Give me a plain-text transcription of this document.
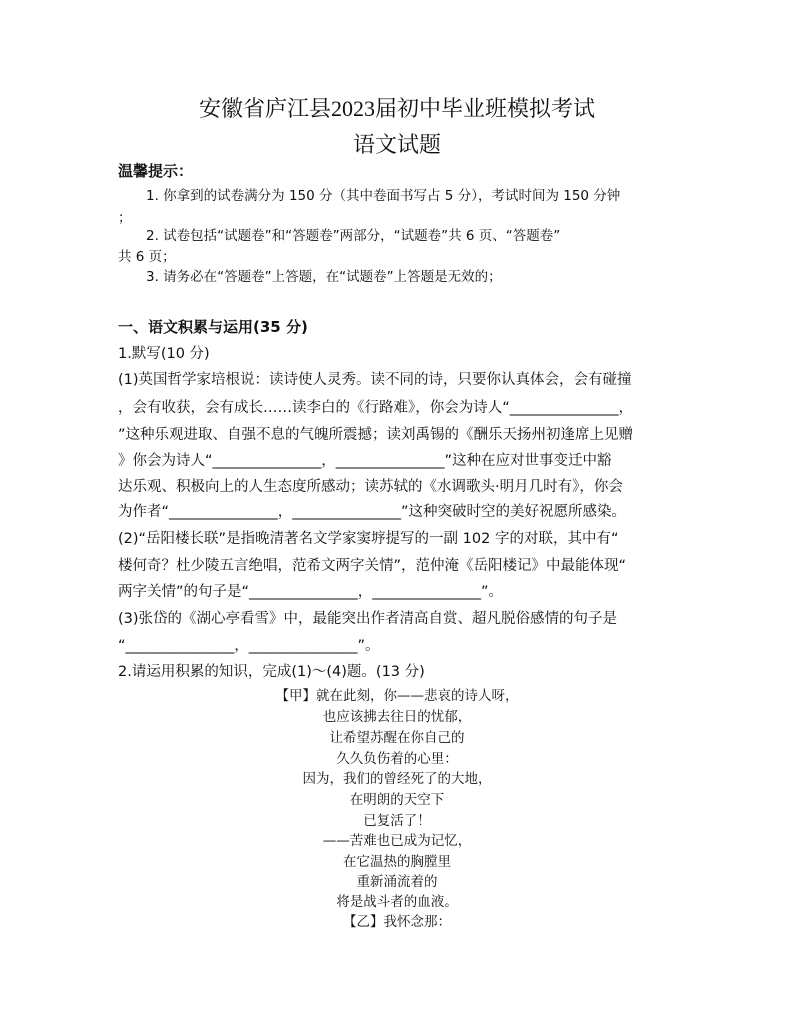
安徽省庐江县2023届初中毕业班模拟考试
语文试题
温馨提示：
1. 你拿到的试卷满分为 150 分（其中卷面书写占 5 分），考试时间为 150 分钟
；
2. 试卷包括“试题卷”和“答题卷”两部分，“试题卷”共 6 页、“答题卷”
共 6 页；
3. 请务必在“答题卷”上答题，在“试题卷”上答题是无效的；
一、语文积累与运用(35 分)
1.默写(10 分)
(1)英国哲学家培根说：读诗使人灵秀。读不同的诗，只要你认真体会，会有碰撞
，会有收获，会有成长……读李白的《行路难》，你会为诗人“_______________，
”这种乐观进取、自强不息的气魄所震撼；读刘禹锡的《酬乐天扬州初逢席上见赠
》你会为诗人“_______________，_______________”这种在应对世事变迁中豁
达乐观、积极向上的人生态度所感动；读苏轼的《水调歌头·明月几时有》，你会
为作者“_______________，_______________”这种突破时空的美好祝愿所感染。
(2)“岳阳楼长联”是指晚清著名文学家窦垿提写的一副 102 字的对联，其中有“
楼何奇？杜少陵五言绝唱，范希文两字关情”，范仲淹《岳阳楼记》中最能体现“
两字关情”的句子是“_______________，_______________”。
(3)张岱的《湖心亭看雪》中，最能突出作者清高自赏、超凡脱俗感情的句子是
“_______________，_______________”。
2.请运用积累的知识，完成(1)～(4)题。(13 分)
【甲】就在此刻，你——悲哀的诗人呀，
也应该拂去往日的忧郁，
让希望苏醒在你自己的
久久负伤着的心里：
因为，我们的曾经死了的大地，
在明朗的天空下
已复活了！
——苦难也已成为记忆，
在它温热的胸膛里
重新涌流着的
将是战斗者的血液。
【乙】我怀念那：
